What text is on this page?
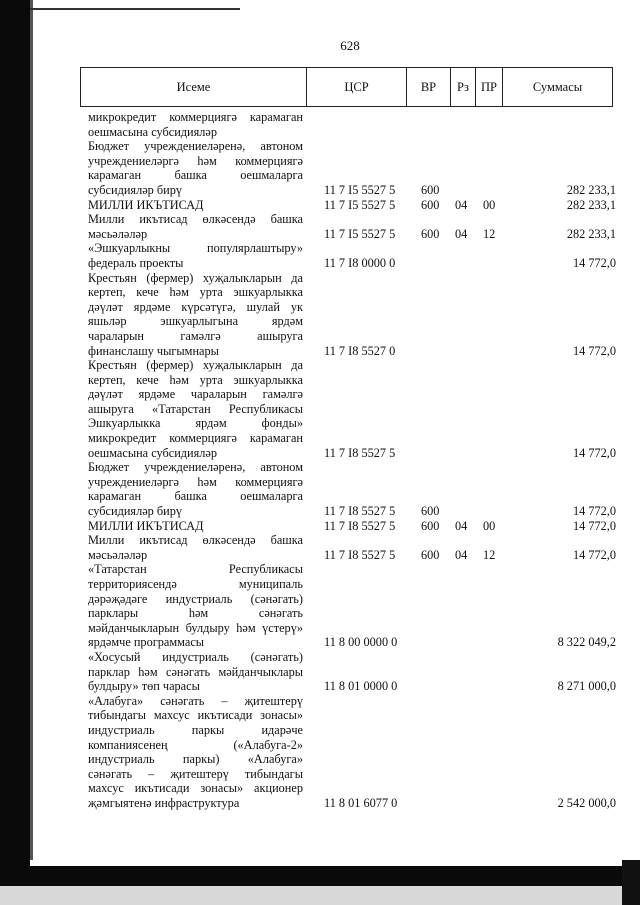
628
Исеме	ЦСР	ВР	Рз ПР	Суммасы
микрокредит коммерциягә карамаган
оешмасына субсидияләр
Бюджет учреждениеләренә, автоном
учреждениеләргә һәм коммерциягә
карамаган башка оешмаларга
субсидияләр бирү	11 7 I5 5527 5 600	282 233,1
МИЛЛИ ИКЪТИСАД	11 7 I5 5527 5 600 04 00	282 233,1
Милли икътисад өлкәсендә башка
мәсьәләләр	11 7 I5 5527 5 600 04 12	282 233,1
«Эшкуарлыкны популярлаштыру»
федераль проекты	11 7 I8 0000 0	14 772,0
Крестьян (фермер) хуҗалыкларын да
кертеп, кече һәм урта эшкуарлыкка
дәүләт ярдәме күрсәтүгә, шулай ук
яшьләр эшкуарлыгына ярдәм
чараларын гамәлгә ашыруга
финанслашу чыгымнары	11 7 I8 5527 0	14 772,0
Крестьян (фермер) хуҗалыкларын да
кертеп, кече һәм урта эшкуарлыкка
дәүләт ярдәме чараларын гамәлгә
ашыруга «Татарстан Республикасы
Эшкуарлыкка ярдәм фонды»
микрокредит коммерциягә карамаган
оешмасына субсидияләр	11 7 I8 5527 5	14 772,0
Бюджет учреждениеләренә, автоном
учреждениеләргә һәм коммерциягә
карамаган башка оешмаларга
субсидияләр бирү	11 7 I8 5527 5 600	14 772,0
МИЛЛИ ИКЪТИСАД	11 7 I8 5527 5 600 04 00	14 772,0
Милли икътисад өлкәсендә башка
мәсьәләләр	11 7 I8 5527 5 600 04 12	14 772,0
«Татарстан Республикасы
территориясендә муниципаль
дәрәҗәдәге индустриаль (сәнәгать)
парклары һәм сәнәгать
мәйданчыкларын булдыру һәм үстерү»
ярдәмче программасы	11 8 00 0000 0	8 322 049,2
«Хосусый индустриаль (сәнәгать)
парклар һәм сәнәгать мәйданчыклары
булдыру» төп чарасы	11 8 01 0000 0	8 271 000,0
«Алабуга» сәнәгать – җитештерү
тибындагы махсус икътисади зонасы»
индустриаль паркы идарәче
компаниясенең («Алабуга-2»
индустриаль паркы) «Алабуга»
сәнәгать – җитештерү тибындагы
махсус икътисади зонасы» акционер
җәмгыятенә инфраструктура	11 8 01 6077 0	2 542 000,0
